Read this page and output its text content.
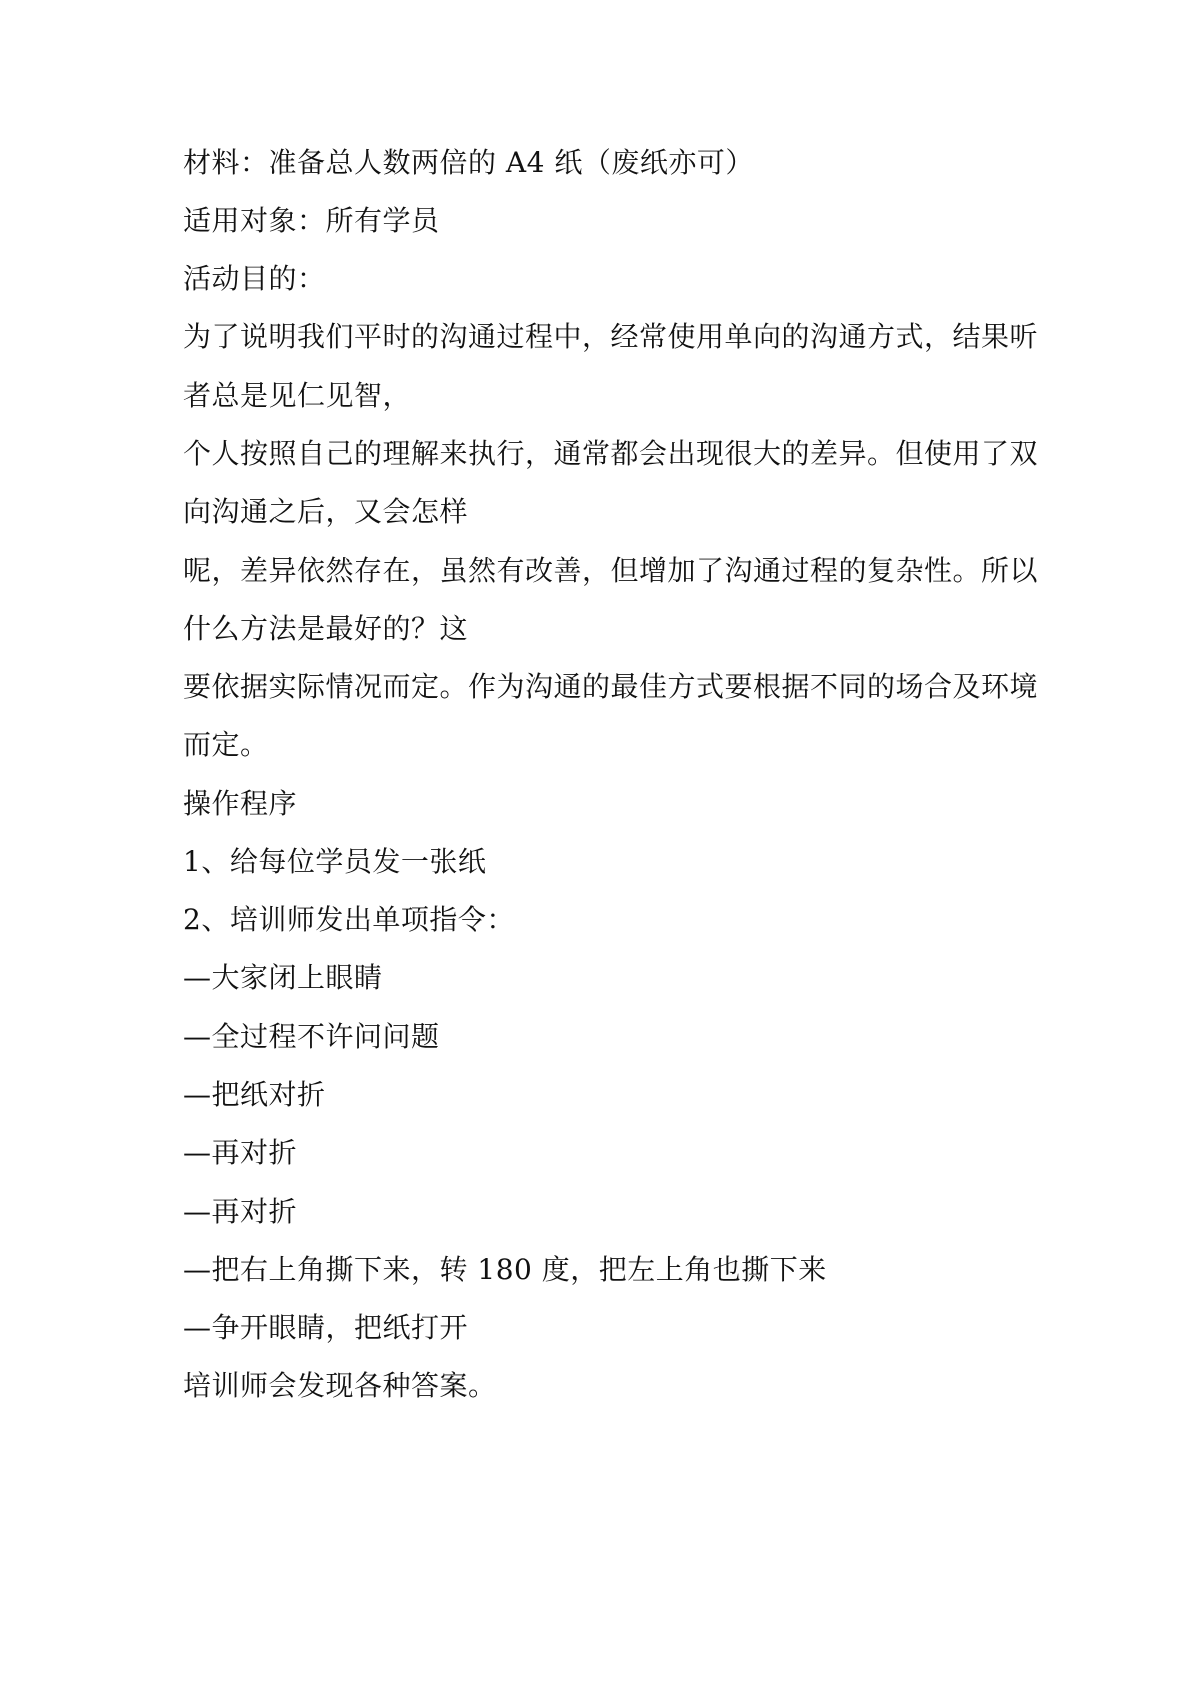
材料：准备总人数两倍的 A4 纸（废纸亦可）

适用对象：所有学员

活动目的：

为了说明我们平时的沟通过程中，经常使用单向的沟通方式，结果听

者总是见仁见智，

个人按照自己的理解来执行，通常都会出现很大的差异。但使用了双

向沟通之后，又会怎样

呢，差异依然存在，虽然有改善，但增加了沟通过程的复杂性。所以

什么方法是最好的？这

要依据实际情况而定。作为沟通的最佳方式要根据不同的场合及环境

而定。

操作程序

1、给每位学员发一张纸

2、培训师发出单项指令：

—大家闭上眼睛

—全过程不许问问题

—把纸对折

—再对折

—再对折

—把右上角撕下来，转 180 度，把左上角也撕下来

—争开眼睛，把纸打开

培训师会发现各种答案。
